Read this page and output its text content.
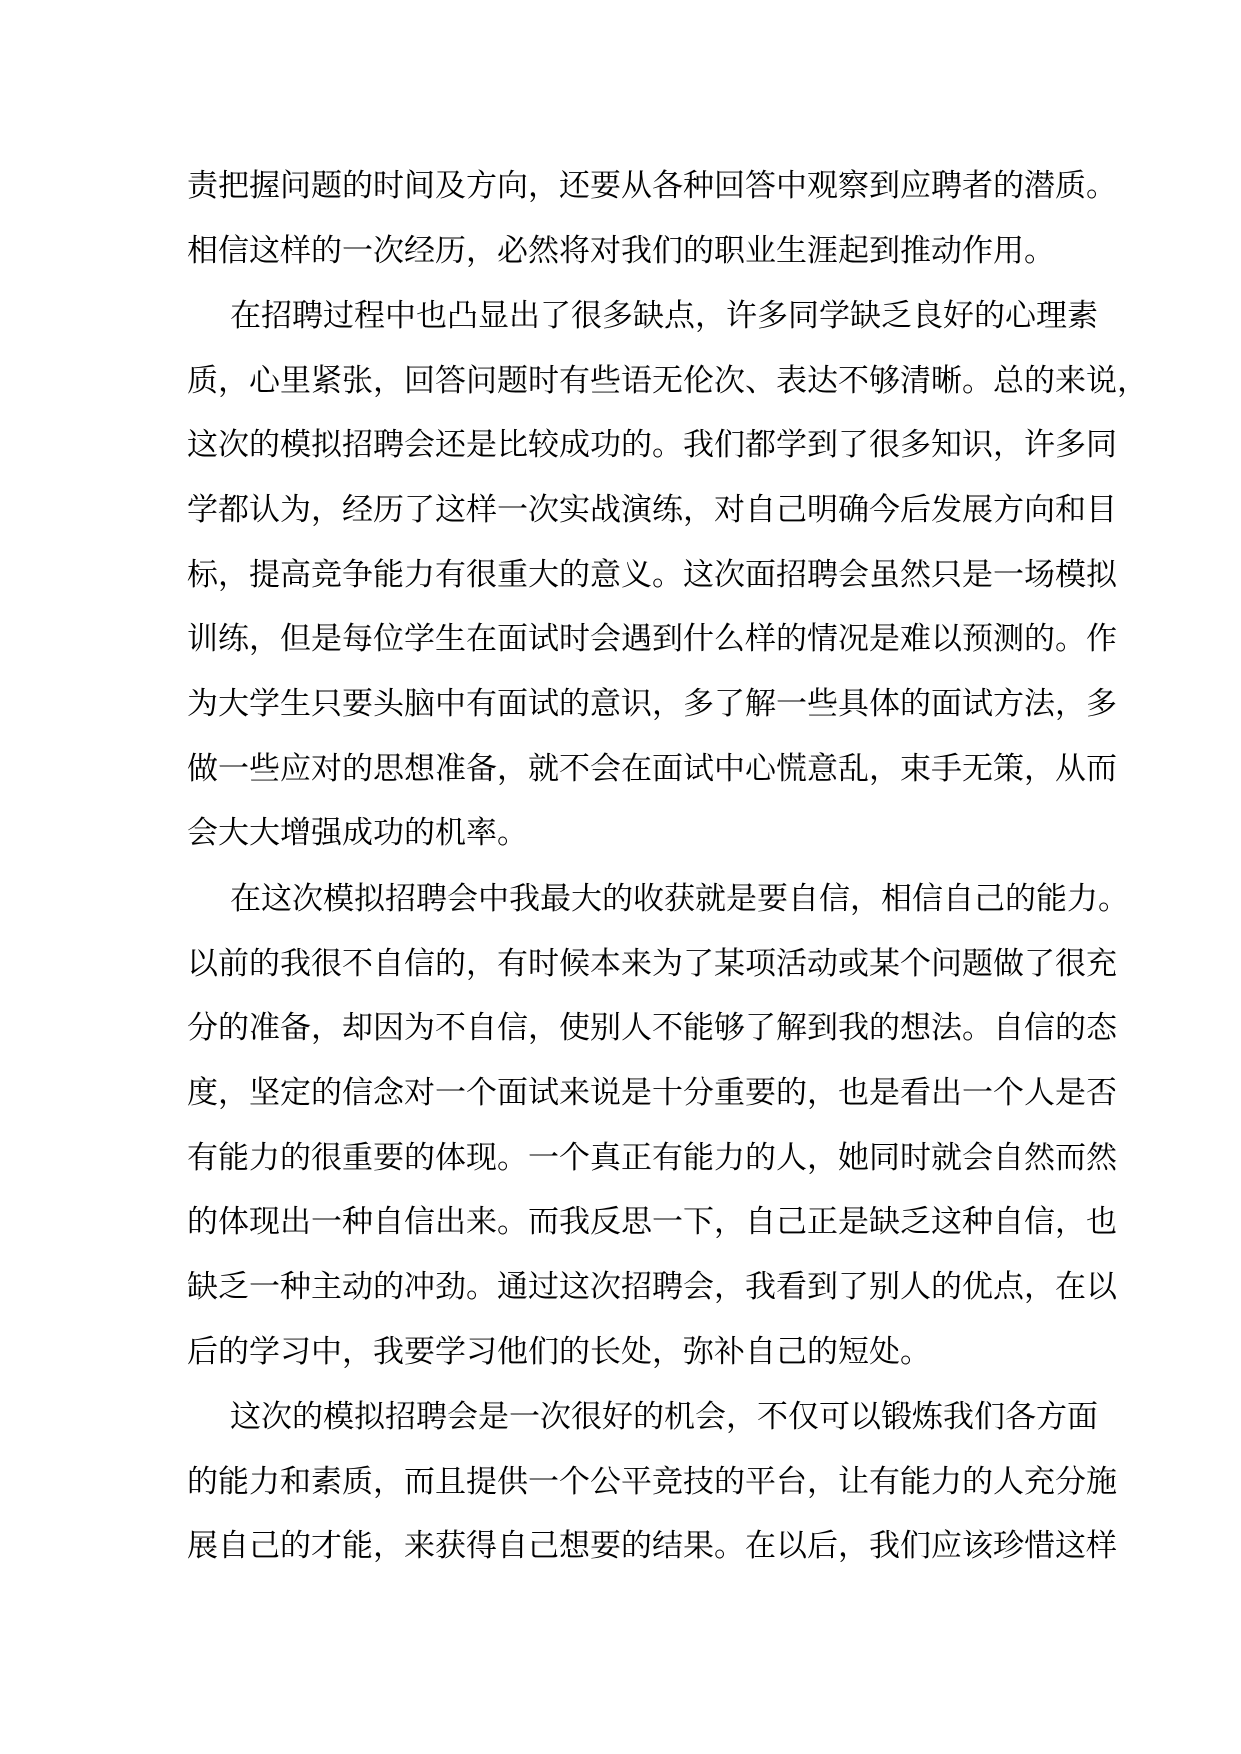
责把握问题的时间及方向，还要从各种回答中观察到应聘者的潜质。

相信这样的一次经历，必然将对我们的职业生涯起到推动作用。

在招聘过程中也凸显出了很多缺点，许多同学缺乏良好的心理素

质，心里紧张，回答问题时有些语无伦次、表达不够清晰。总的来说，

这次的模拟招聘会还是比较成功的。我们都学到了很多知识，许多同

学都认为，经历了这样一次实战演练，对自己明确今后发展方向和目

标，提高竞争能力有很重大的意义。这次面招聘会虽然只是一场模拟

训练，但是每位学生在面试时会遇到什么样的情况是难以预测的。作

为大学生只要头脑中有面试的意识，多了解一些具体的面试方法，多

做一些应对的思想准备，就不会在面试中心慌意乱，束手无策，从而

会大大增强成功的机率。

在这次模拟招聘会中我最大的收获就是要自信，相信自己的能力。

以前的我很不自信的，有时候本来为了某项活动或某个问题做了很充

分的准备，却因为不自信，使别人不能够了解到我的想法。自信的态

度，坚定的信念对一个面试来说是十分重要的，也是看出一个人是否

有能力的很重要的体现。一个真正有能力的人，她同时就会自然而然

的体现出一种自信出来。而我反思一下，自己正是缺乏这种自信，也

缺乏一种主动的冲劲。通过这次招聘会，我看到了别人的优点，在以

后的学习中，我要学习他们的长处，弥补自己的短处。

这次的模拟招聘会是一次很好的机会，不仅可以锻炼我们各方面

的能力和素质，而且提供一个公平竞技的平台，让有能力的人充分施

展自己的才能，来获得自己想要的结果。在以后，我们应该珍惜这样
